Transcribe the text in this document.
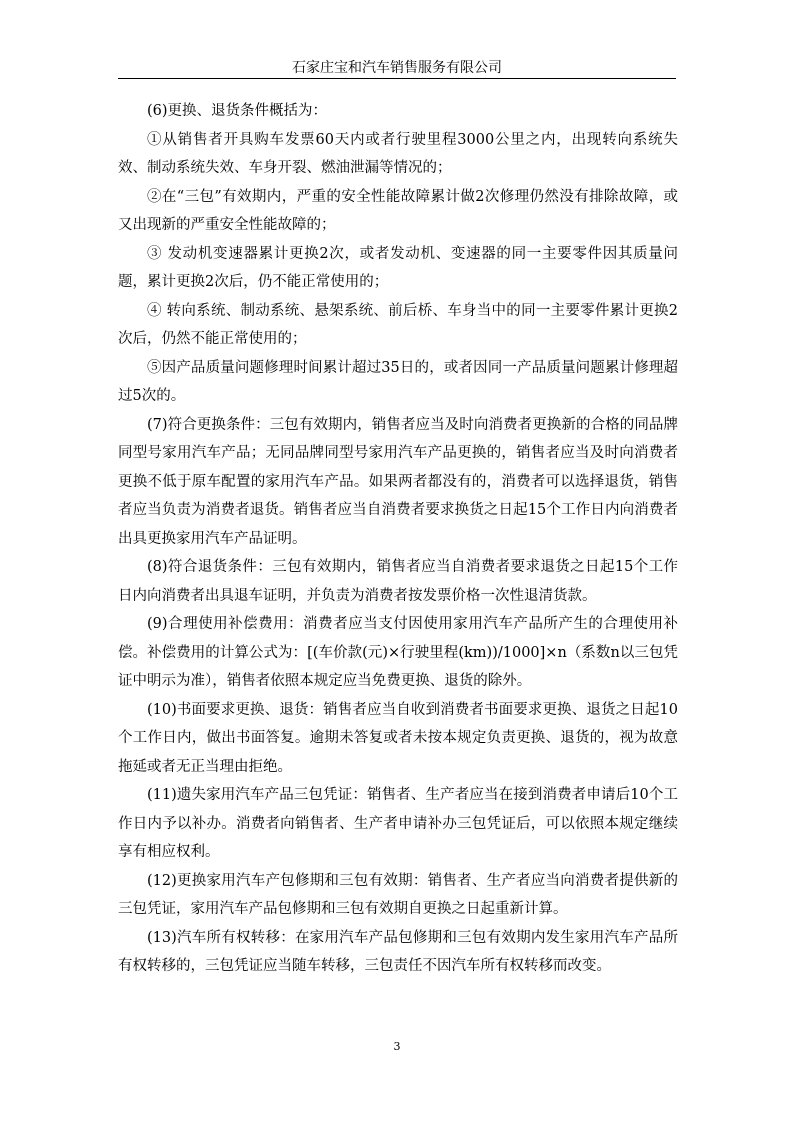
石家庄宝和汽车销售服务有限公司

(6)更换、退货条件概括为：

①从销售者开具购车发票60天内或者行驶里程3000公里之内，出现转向系统失效、制动系统失效、车身开裂、燃油泄漏等情况的；

②在“三包”有效期内，严重的安全性能故障累计做2次修理仍然没有排除故障，或又出现新的严重安全性能故障的；

③ 发动机变速器累计更换2次，或者发动机、变速器的同一主要零件因其质量问题，累计更换2次后，仍不能正常使用的；

④ 转向系统、制动系统、悬架系统、前后桥、车身当中的同一主要零件累计更换2次后，仍然不能正常使用的；

⑤因产品质量问题修理时间累计超过35日的，或者因同一产品质量问题累计修理超过5次的。

(7)符合更换条件：三包有效期内，销售者应当及时向消费者更换新的合格的同品牌同型号家用汽车产品；无同品牌同型号家用汽车产品更换的，销售者应当及时向消费者更换不低于原车配置的家用汽车产品。如果两者都没有的，消费者可以选择退货，销售者应当负责为消费者退货。销售者应当自消费者要求换货之日起15个工作日内向消费者出具更换家用汽车产品证明。

(8)符合退货条件：三包有效期内，销售者应当自消费者要求退货之日起15个工作日内向消费者出具退车证明，并负责为消费者按发票价格一次性退清货款。

(9)合理使用补偿费用：消费者应当支付因使用家用汽车产品所产生的合理使用补偿。补偿费用的计算公式为：[(车价款(元)×行驶里程(km))/1000]×n（系数n以三包凭证中明示为准），销售者依照本规定应当免费更换、退货的除外。

(10)书面要求更换、退货：销售者应当自收到消费者书面要求更换、退货之日起10个工作日内，做出书面答复。逾期未答复或者未按本规定负责更换、退货的，视为故意拖延或者无正当理由拒绝。

(11)遗失家用汽车产品三包凭证：销售者、生产者应当在接到消费者申请后10个工作日内予以补办。消费者向销售者、生产者申请补办三包凭证后，可以依照本规定继续享有相应权利。

(12)更换家用汽车产包修期和三包有效期：销售者、生产者应当向消费者提供新的三包凭证，家用汽车产品包修期和三包有效期自更换之日起重新计算。

(13)汽车所有权转移：在家用汽车产品包修期和三包有效期内发生家用汽车产品所有权转移的，三包凭证应当随车转移，三包责任不因汽车所有权转移而改变。

3
